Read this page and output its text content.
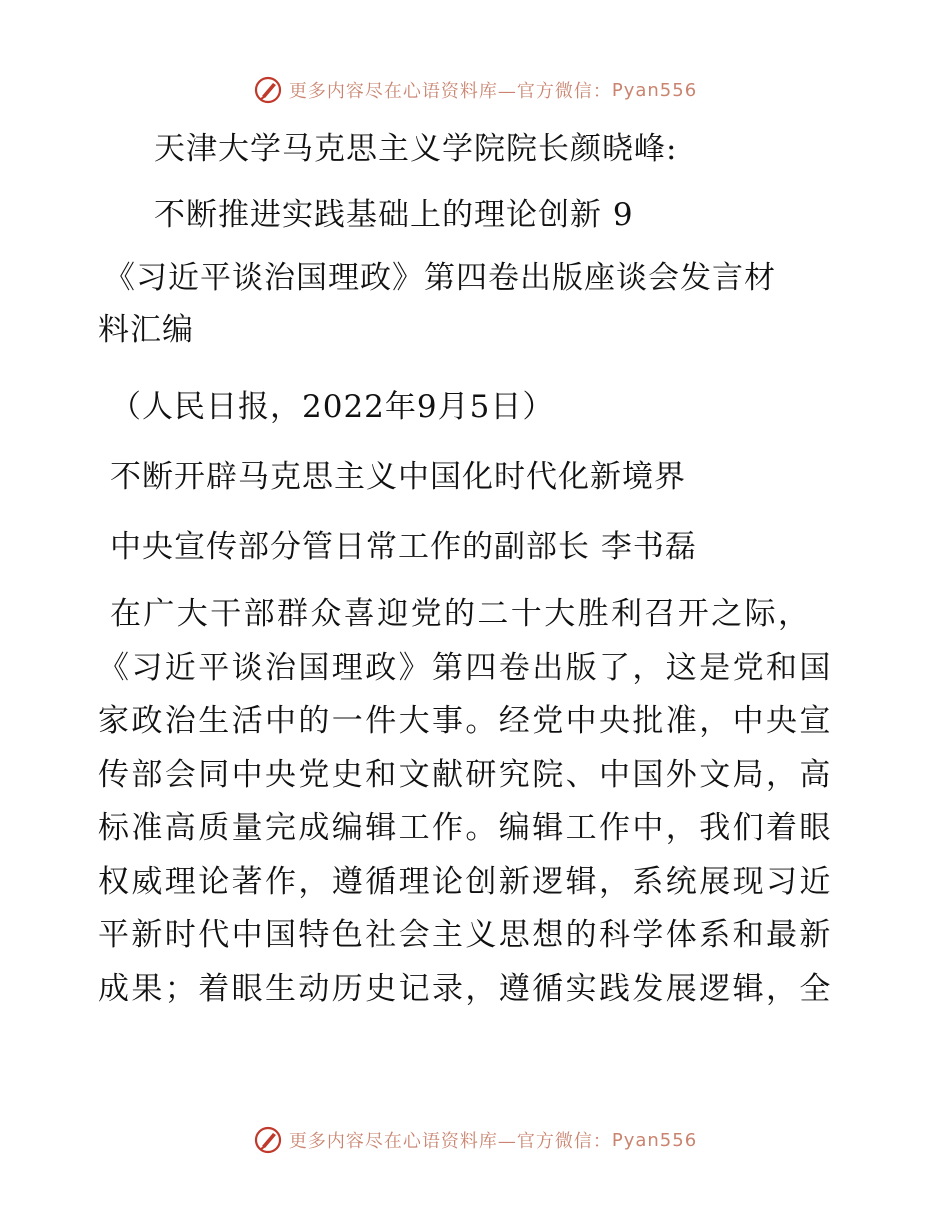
更多内容尽在心语资料库—官方微信： Pyan556
天津大学马克思主义学院院长颜晓峰:
不断推进实践基础上的理论创新 9
《习近平谈治国理政》第四卷出版座谈会发言材
料汇编
（人民日报，2022年9月5日）
不断开辟马克思主义中国化时代化新境界
中央宣传部分管日常工作的副部长 李书磊
在广大干部群众喜迎党的二十大胜利召开之际，
《习近平谈治国理政》第四卷出版了，这是党和国
家政治生活中的一件大事。经党中央批准，中央宣
传部会同中央党史和文献研究院、中国外文局，高
标准高质量完成编辑工作。编辑工作中，我们着眼
权威理论著作，遵循理论创新逻辑，系统展现习近
平新时代中国特色社会主义思想的科学体系和最新
成果；着眼生动历史记录，遵循实践发展逻辑，全
更多内容尽在心语资料库—官方微信： Pyan556
